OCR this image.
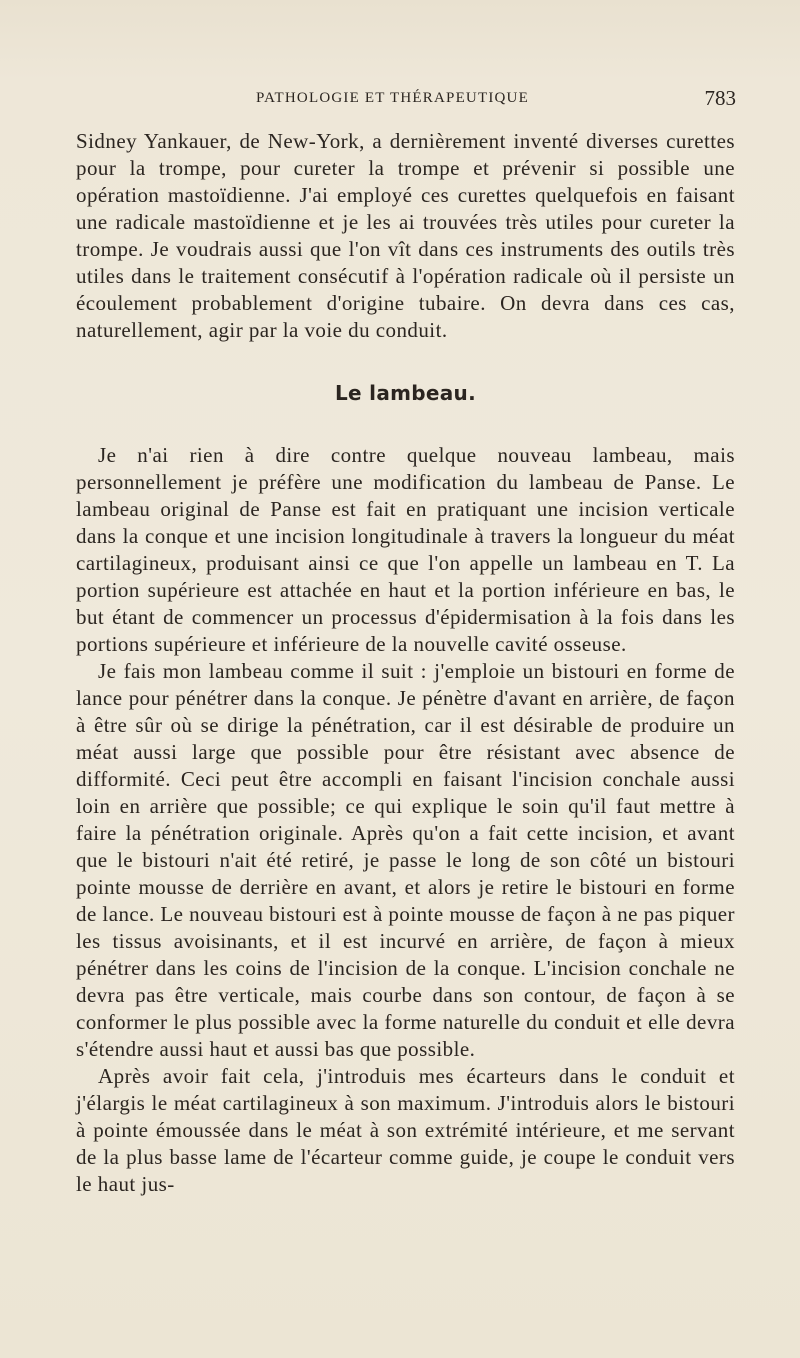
PATHOLOGIE ET THÉRAPEUTIQUE	783

Sidney Yankauer, de New-York, a dernièrement inventé diverses curettes pour la trompe, pour cureter la trompe et prévenir si possible une opération mastoïdienne. J'ai employé ces curettes quelquefois en faisant une radicale mastoïdienne et je les ai trouvées très utiles pour cureter la trompe. Je voudrais aussi que l'on vît dans ces instruments des outils très utiles dans le traitement consécutif à l'opération radicale où il persiste un écoulement probablement d'origine tubaire. On devra dans ces cas, naturellement, agir par la voie du conduit.

Le lambeau.

Je n'ai rien à dire contre quelque nouveau lambeau, mais personnellement je préfère une modification du lambeau de Panse. Le lambeau original de Panse est fait en pratiquant une incision verticale dans la conque et une incision longitudinale à travers la longueur du méat cartilagineux, produisant ainsi ce que l'on appelle un lambeau en T. La portion supérieure est attachée en haut et la portion inférieure en bas, le but étant de commencer un processus d'épidermisation à la fois dans les portions supérieure et inférieure de la nouvelle cavité osseuse.

Je fais mon lambeau comme il suit : j'emploie un bistouri en forme de lance pour pénétrer dans la conque. Je pénètre d'avant en arrière, de façon à être sûr où se dirige la pénétration, car il est désirable de produire un méat aussi large que possible pour être résistant avec absence de difformité. Ceci peut être accompli en faisant l'incision conchale aussi loin en arrière que possible; ce qui explique le soin qu'il faut mettre à faire la pénétration originale. Après qu'on a fait cette incision, et avant que le bistouri n'ait été retiré, je passe le long de son côté un bistouri pointe mousse de derrière en avant, et alors je retire le bistouri en forme de lance. Le nouveau bistouri est à pointe mousse de façon à ne pas piquer les tissus avoisinants, et il est incurvé en arrière, de façon à mieux pénétrer dans les coins de l'incision de la conque. L'incision conchale ne devra pas être verticale, mais courbe dans son contour, de façon à se conformer le plus possible avec la forme naturelle du conduit et elle devra s'étendre aussi haut et aussi bas que possible.

Après avoir fait cela, j'introduis mes écarteurs dans le conduit et j'élargis le méat cartilagineux à son maximum. J'introduis alors le bistouri à pointe émoussée dans le méat à son extrémité intérieure, et me servant de la plus basse lame de l'écarteur comme guide, je coupe le conduit vers le haut jus-
